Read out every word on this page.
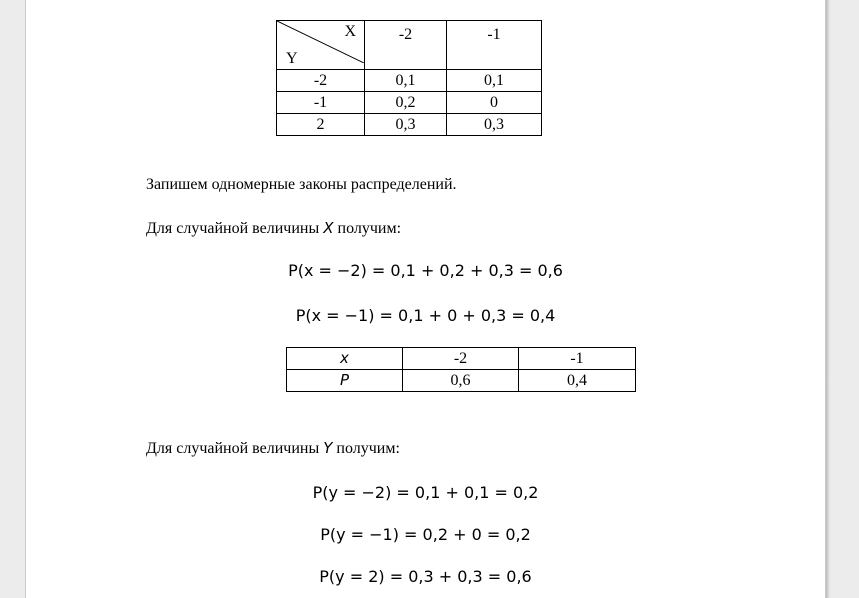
X
Y	-2	-1
-2	0,1	0,1
-1	0,2	0
2	0,3	0,3
Запишем одномерные законы распределений.
Для случайной величины X получим:
P(x = −2) = 0,1 + 0,2 + 0,3 = 0,6
P(x = −1) = 0,1 + 0 + 0,3 = 0,4
x	-2	-1
P	0,6	0,4
Для случайной величины Y получим:
P(y = −2) = 0,1 + 0,1 = 0,2
P(y = −1) = 0,2 + 0 = 0,2
P(y = 2) = 0,3 + 0,3 = 0,6
